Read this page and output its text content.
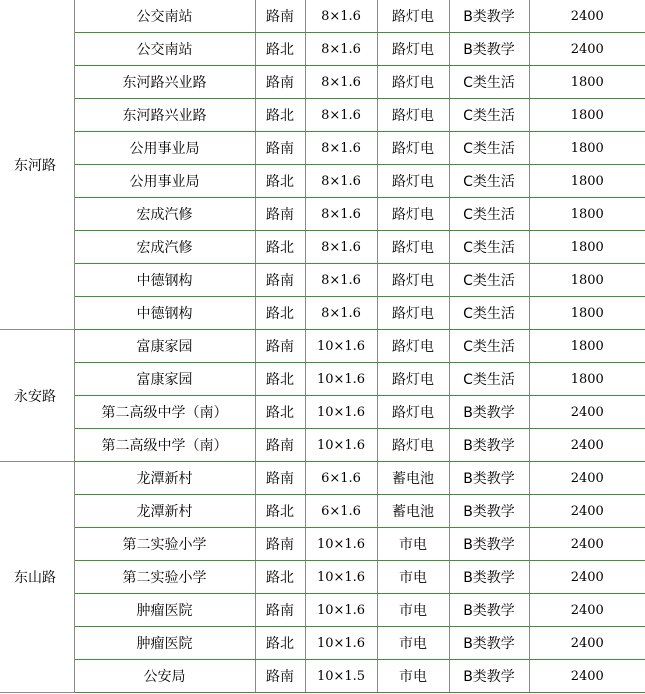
东河路	公交南站	路南	8×1.6	路灯电	B类教学	2400
	公交南站	路北	8×1.6	路灯电	B类教学	2400
	东河路兴业路	路南	8×1.6	路灯电	C类生活	1800
	东河路兴业路	路北	8×1.6	路灯电	C类生活	1800
	公用事业局	路南	8×1.6	路灯电	C类生活	1800
	公用事业局	路北	8×1.6	路灯电	C类生活	1800
	宏成汽修	路南	8×1.6	路灯电	C类生活	1800
	宏成汽修	路北	8×1.6	路灯电	C类生活	1800
	中德钢构	路南	8×1.6	路灯电	C类生活	1800
	中德钢构	路北	8×1.6	路灯电	C类生活	1800
永安路	富康家园	路南	10×1.6	路灯电	C类生活	1800
	富康家园	路北	10×1.6	路灯电	C类生活	1800
	第二高级中学（南）	路北	10×1.6	路灯电	B类教学	2400
	第二高级中学（南）	路南	10×1.6	路灯电	B类教学	2400
东山路	龙潭新村	路南	6×1.6	蓄电池	B类教学	2400
	龙潭新村	路北	6×1.6	蓄电池	B类教学	2400
	第二实验小学	路南	10×1.6	市电	B类教学	2400
	第二实验小学	路北	10×1.6	市电	B类教学	2400
	肿瘤医院	路南	10×1.6	市电	B类教学	2400
	肿瘤医院	路北	10×1.6	市电	B类教学	2400
	公安局	路南	10×1.5	市电	B类教学	2400
